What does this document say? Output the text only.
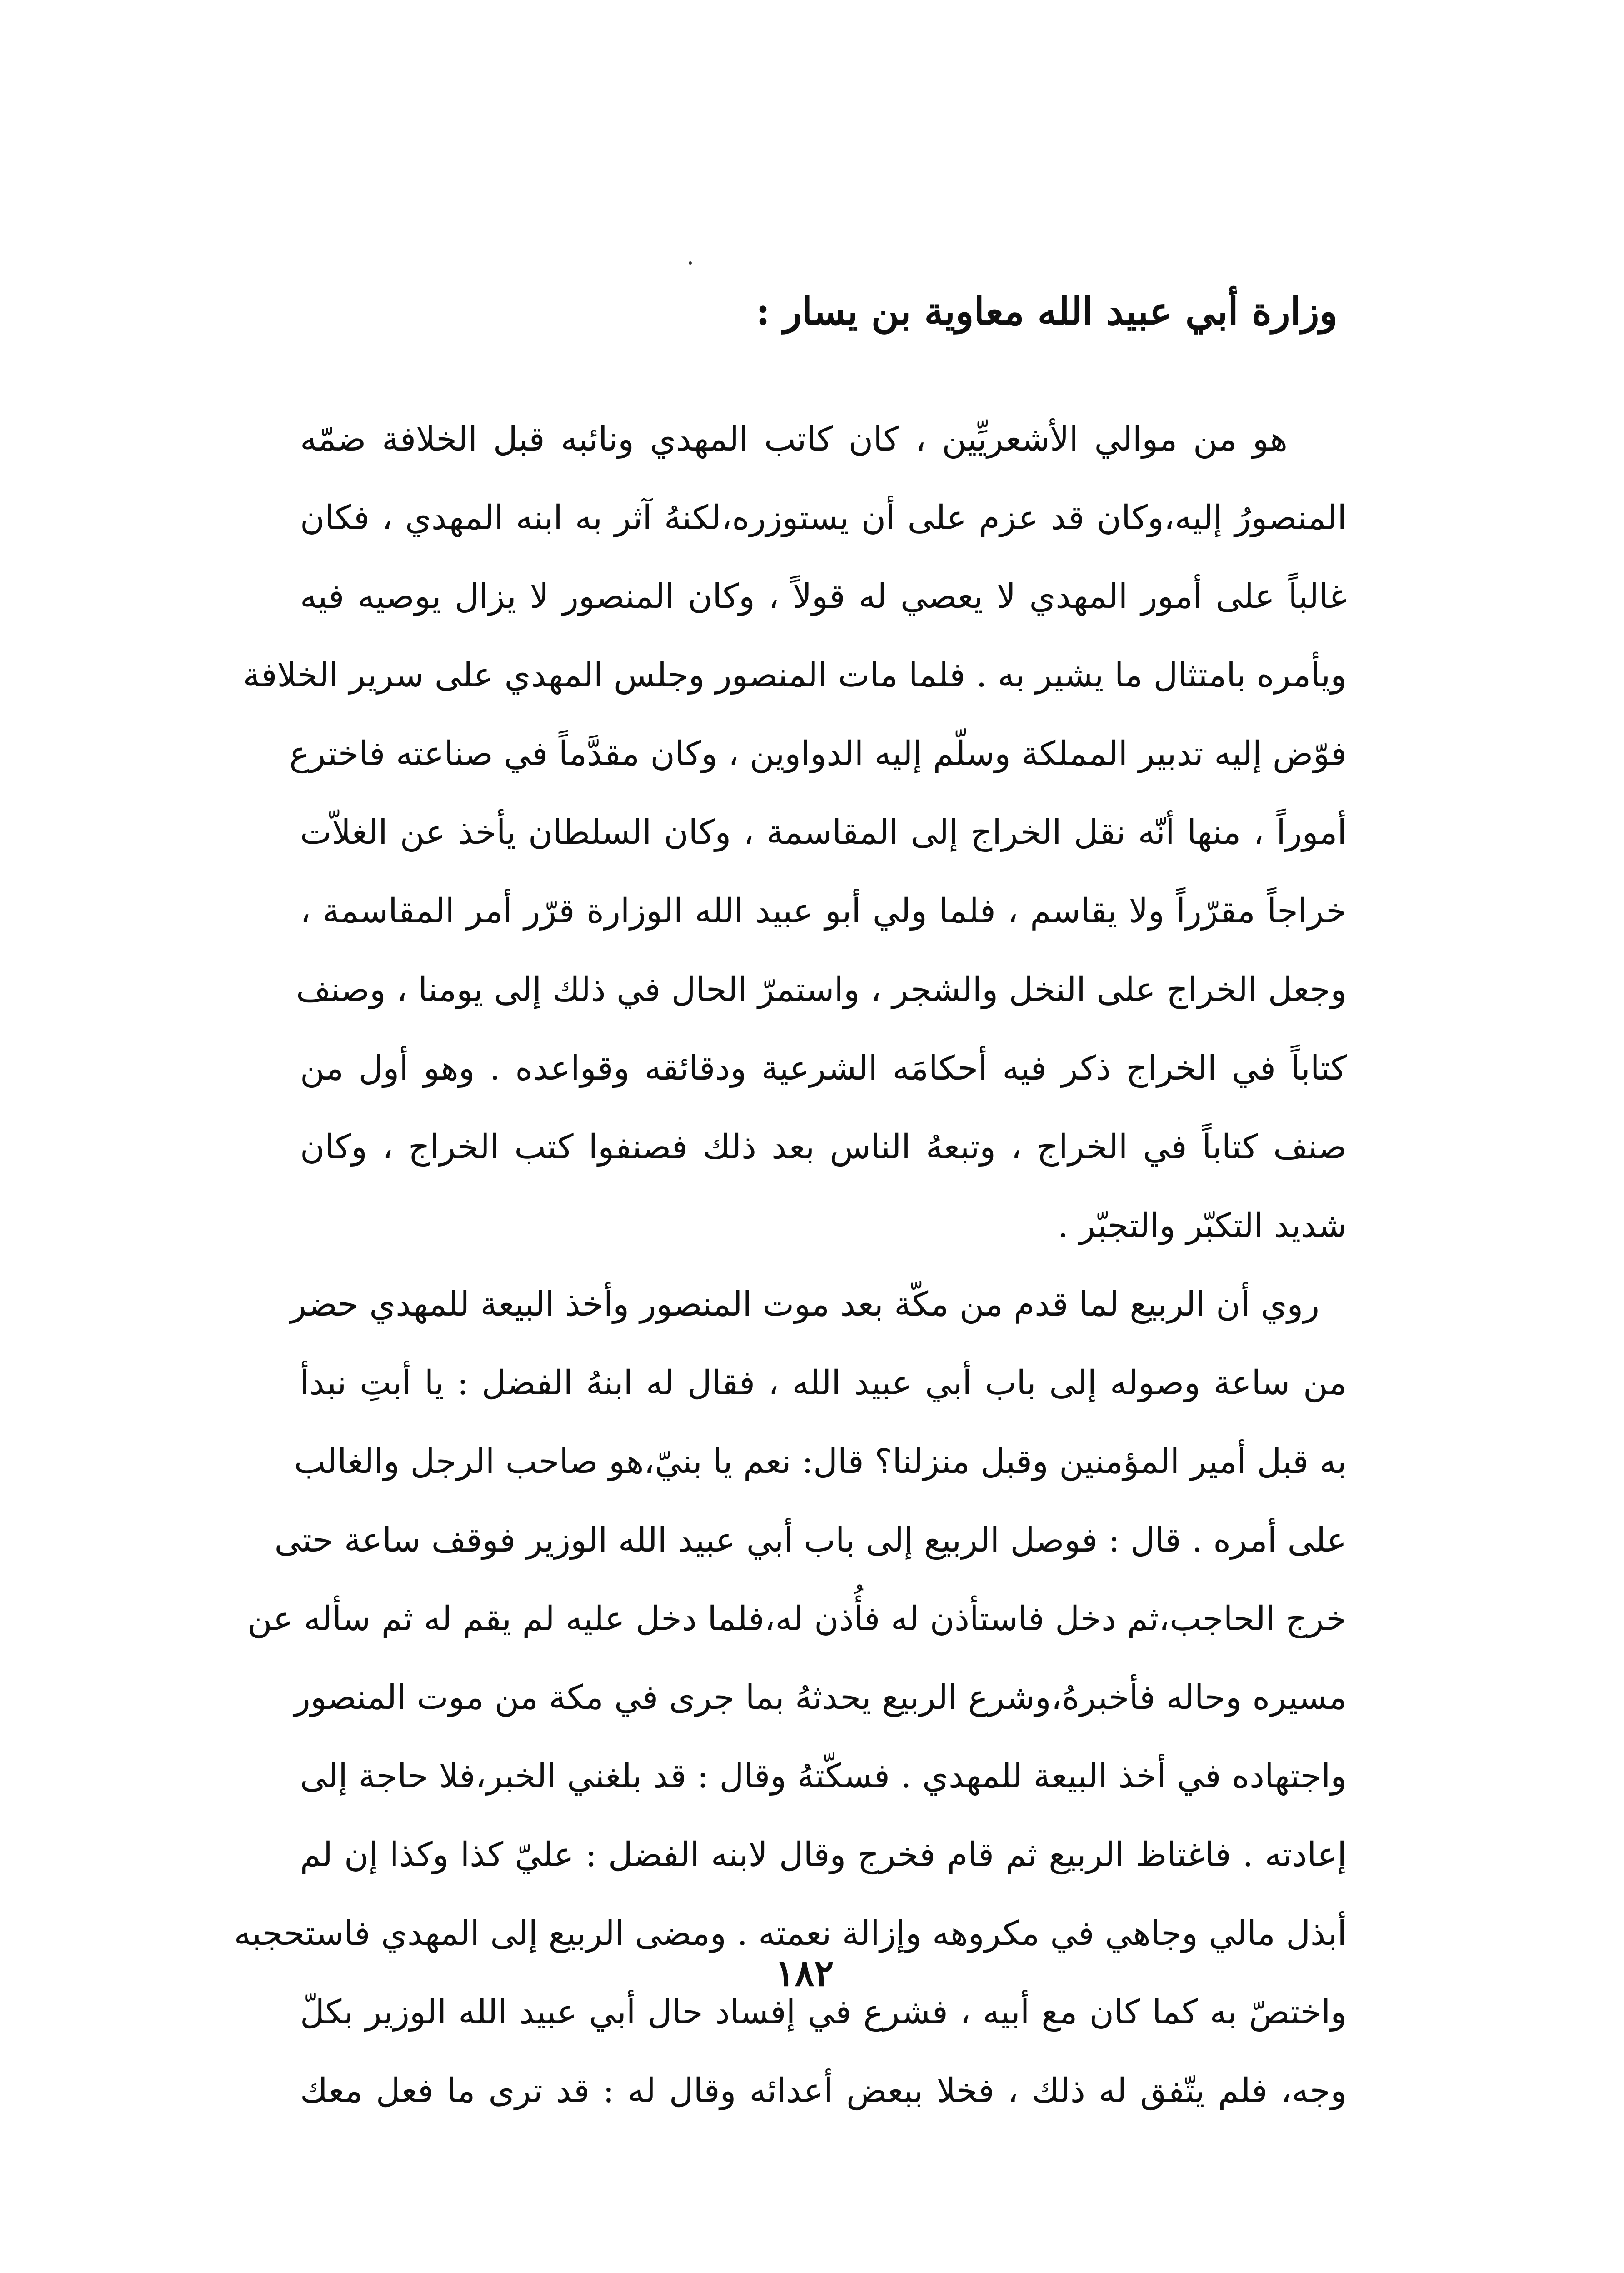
وزارة أبي عبيد الله معاوية بن يسار :

هو من موالي الأشعريِّين ، كان كاتب المهدي ونائبه قبل الخلافة ضمّه
المنصورُ إليه،وكان قد عزم على أن يستوزره،لكنهُ آثر به ابنه المهدي ، فكان
غالباً على أمور المهدي لا يعصي له قولاً ، وكان المنصور لا يزال يوصيه فيه
ويأمره بامتثال ما يشير به . فلما مات المنصور وجلس المهدي على سرير الخلافة
فوّض إليه تدبير المملكة وسلّم إليه الدواوين ، وكان مقدَّماً في صناعته فاخترع
أموراً ، منها أنّه نقل الخراج إلى المقاسمة ، وكان السلطان يأخذ عن الغلاّت
خراجاً مقرّراً ولا يقاسم ، فلما ولي أبو عبيد الله الوزارة قرّر أمر المقاسمة ،
وجعل الخراج على النخل والشجر ، واستمرّ الحال في ذلك إلى يومنا ، وصنف
كتاباً في الخراج ذكر فيه أحكامَه الشرعية ودقائقه وقواعده . وهو أول من
صنف كتاباً في الخراج ، وتبعهُ الناس بعد ذلك فصنفوا كتب الخراج ، وكان
شديد التكبّر والتجبّر .

روي أن الربيع لما قدم من مكّة بعد موت المنصور وأخذ البيعة للمهدي حضر
من ساعة وصوله إلى باب أبي عبيد الله ، فقال له ابنهُ الفضل : يا أبتِ نبدأ
به قبل أمير المؤمنين وقبل منزلنا؟ قال: نعم يا بنيّ،هو صاحب الرجل والغالب
على أمره . قال : فوصل الربيع إلى باب أبي عبيد الله الوزير فوقف ساعة حتى
خرج الحاجب،ثم دخل فاستأذن له فأُذن له،فلما دخل عليه لم يقم له ثم سأله عن
مسيره وحاله فأخبرهُ،وشرع الربيع يحدثهُ بما جرى في مكة من موت المنصور
واجتهاده في أخذ البيعة للمهدي . فسكّتهُ وقال : قد بلغني الخبر،فلا حاجة إلى
إعادته . فاغتاظ الربيع ثم قام فخرج وقال لابنه الفضل : عليّ كذا وكذا إن لم
أبذل مالي وجاهي في مكروهه وإزالة نعمته . ومضى الربيع إلى المهدي فاستحجبه
واختصّ به كما كان مع أبيه ، فشرع في إفساد حال أبي عبيد الله الوزير بكلّ
وجه، فلم يتّفق له ذلك ، فخلا ببعض أعدائه وقال له : قد ترى ما فعل معك

١٨٢
